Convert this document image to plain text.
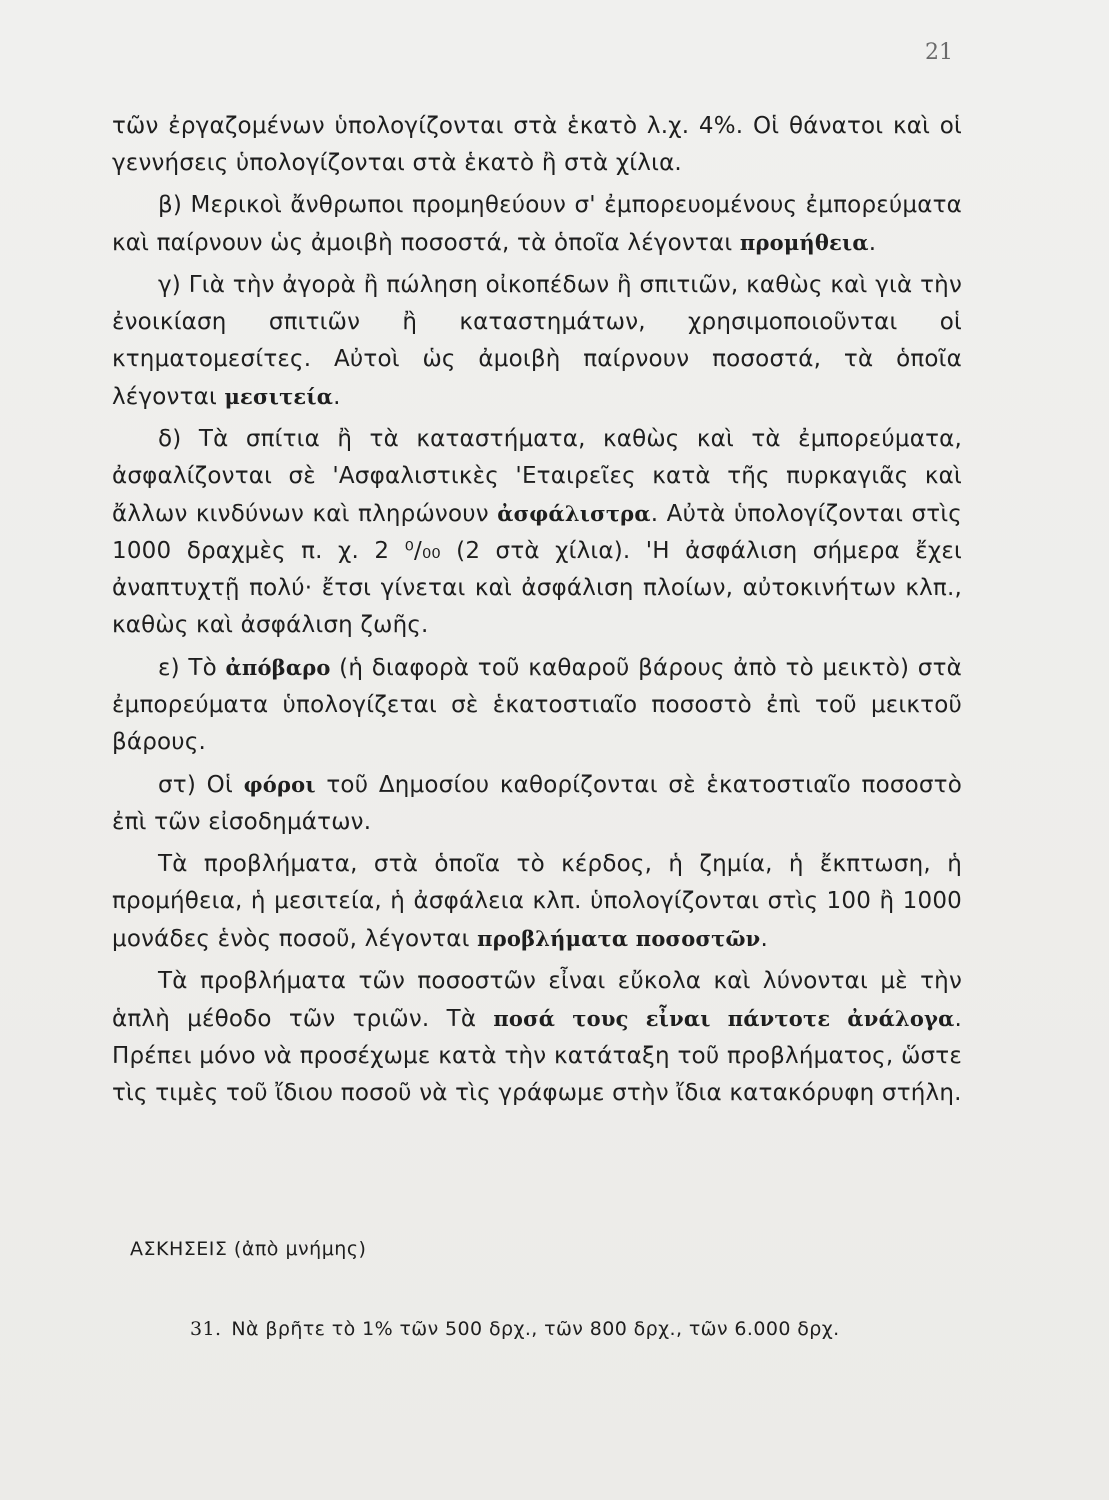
21

τῶν ἐργαζομένων ὑπολογίζονται στὰ ἑκατὸ λ.χ. 4%. Οἱ θάνατοι καὶ οἱ γεννήσεις ὑπολογίζονται στὰ ἑκατὸ ἢ στὰ χίλια.

β) Μερικοὶ ἄνθρωποι προμηθεύουν σ' ἐμπορευομένους ἐμπορεύματα καὶ παίρνουν ὡς ἀμοιβὴ ποσοστά, τὰ ὁποῖα λέγονται προμήθεια.

γ) Γιὰ τὴν ἀγορὰ ἢ πώληση οἰκοπέδων ἢ σπιτιῶν, καθὼς καὶ γιὰ τὴν ἐνοικίαση σπιτιῶν ἢ καταστημάτων, χρησιμοποιοῦνται οἱ κτηματομεσίτες. Αὐτοὶ ὡς ἀμοιβὴ παίρνουν ποσοστά, τὰ ὁποῖα λέγονται μεσιτεία.

δ) Τὰ σπίτια ἢ τὰ καταστήματα, καθὼς καὶ τὰ ἐμπορεύματα, ἀσφαλίζονται σὲ 'Ασφαλιστικὲς 'Εταιρεῖες κατὰ τῆς πυρκαγιᾶς καὶ ἄλλων κινδύνων καὶ πληρώνουν ἀσφάλιστρα. Αὐτὰ ὑπολογίζονται στὶς 1000 δραχμὲς π. χ. 2 ⁰/₀₀ (2 στὰ χίλια). 'Η ἀσφάλιση σήμερα ἔχει ἀναπτυχτῇ πολύ· ἔτσι γίνεται καὶ ἀσφάλιση πλοίων, αὐτοκινήτων κλπ., καθὼς καὶ ἀσφάλιση ζωῆς.

ε) Τὸ ἀπόβαρο (ἡ διαφορὰ τοῦ καθαροῦ βάρους ἀπὸ τὸ μεικτὸ) στὰ ἐμπορεύματα ὑπολογίζεται σὲ ἑκατοστιαῖο ποσοστὸ ἐπὶ τοῦ μεικτοῦ βάρους.

στ) Οἱ φόροι τοῦ Δημοσίου καθορίζονται σὲ ἑκατοστιαῖο ποσοστὸ ἐπὶ τῶν εἰσοδημάτων.

Τὰ προβλήματα, στὰ ὁποῖα τὸ κέρδος, ἡ ζημία, ἡ ἔκπτωση, ἡ προμήθεια, ἡ μεσιτεία, ἡ ἀσφάλεια κλπ. ὑπολογίζονται στὶς 100 ἢ 1000 μονάδες ἑνὸς ποσοῦ, λέγονται προβλήματα ποσοστῶν.

Τὰ προβλήματα τῶν ποσοστῶν εἶναι εὔκολα καὶ λύνονται μὲ τὴν ἁπλὴ μέθοδο τῶν τριῶν. Τὰ ποσά τους εἶναι πάντοτε ἀνάλογα. Πρέπει μόνο νὰ προσέχωμε κατὰ τὴν κατάταξη τοῦ προβλήματος, ὥστε τὶς τιμὲς τοῦ ἴδιου ποσοῦ νὰ τὶς γράφωμε στὴν ἴδια κατακόρυφη στήλη.

ΑΣΚΗΣΕΙΣ (ἀπὸ μνήμης)
31. Νὰ βρῆτε τὸ 1% τῶν 500 δρχ., τῶν 800 δρχ., τῶν 6.000 δρχ.
